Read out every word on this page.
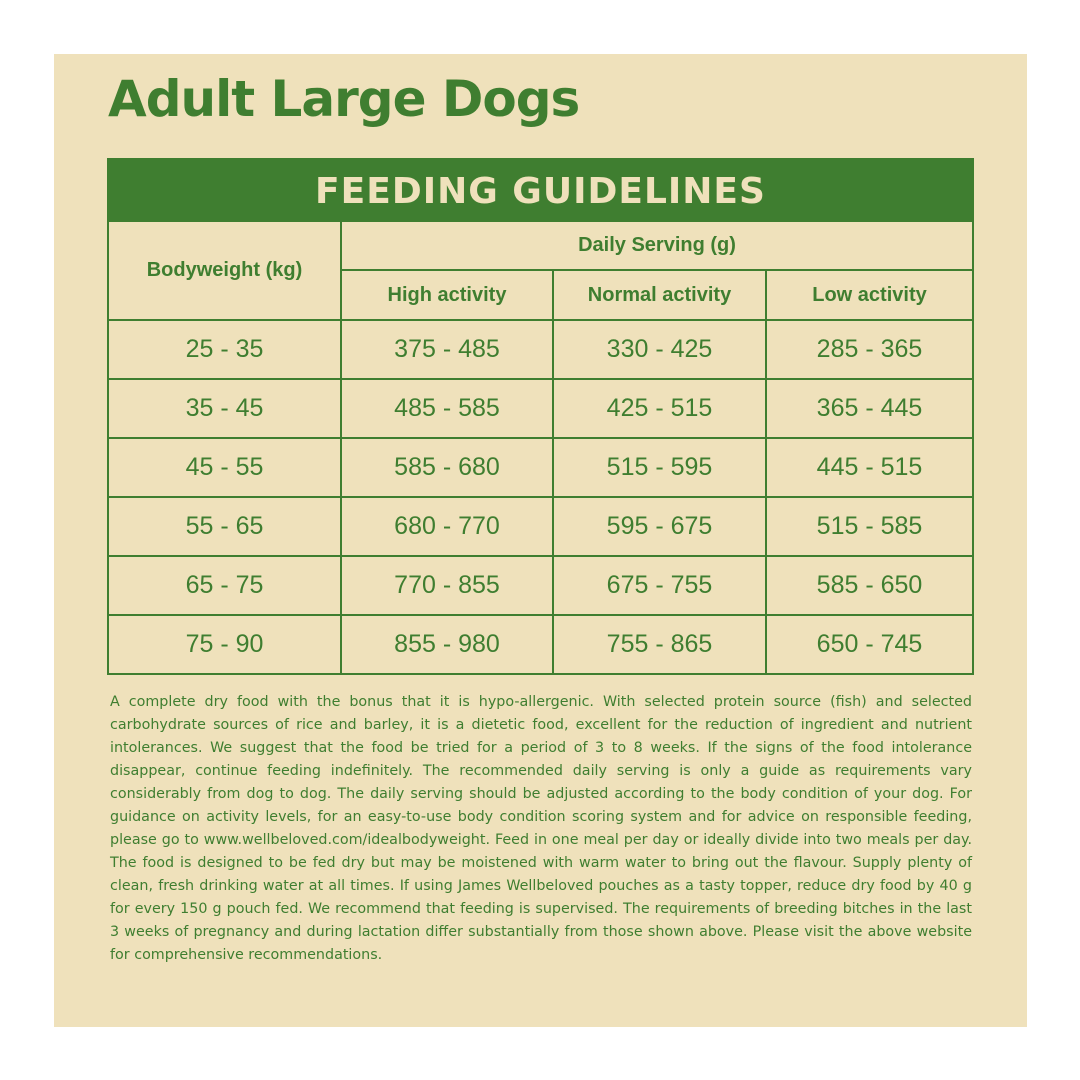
Adult Large Dogs
FEEDING GUIDELINES
Bodyweight (kg)	Daily Serving (g)		
	High activity	Normal activity	Low activity
25 - 35	375 - 485	330 - 425	285 - 365
35 - 45	485 - 585	425 - 515	365 - 445
45 - 55	585 - 680	515 - 595	445 - 515
55 - 65	680 - 770	595 - 675	515 - 585
65 - 75	770 - 855	675 - 755	585 - 650
75 - 90	855 - 980	755 - 865	650 - 745

A complete dry food with the bonus that it is hypo-allergenic. With selected protein source (fish) and selected carbohydrate sources of rice and barley, it is a dietetic food, excellent for the reduction of ingredient and nutrient intolerances. We suggest that the food be tried for a period of 3 to 8 weeks. If the signs of the food intolerance disappear, continue feeding indefinitely. The recommended daily serving is only a guide as requirements vary considerably from dog to dog. The daily serving should be adjusted according to the body condition of your dog. For guidance on activity levels, for an easy-to-use body condition scoring system and for advice on responsible feeding, please go to www.wellbeloved.com/idealbodyweight. Feed in one meal per day or ideally divide into two meals per day. The food is designed to be fed dry but may be moistened with warm water to bring out the flavour. Supply plenty of clean, fresh drinking water at all times. If using James Wellbeloved pouches as a tasty topper, reduce dry food by 40 g for every 150 g pouch fed. We recommend that feeding is supervised. The requirements of breeding bitches in the last 3 weeks of pregnancy and during lactation differ substantially from those shown above. Please visit the above website for comprehensive recommendations.
